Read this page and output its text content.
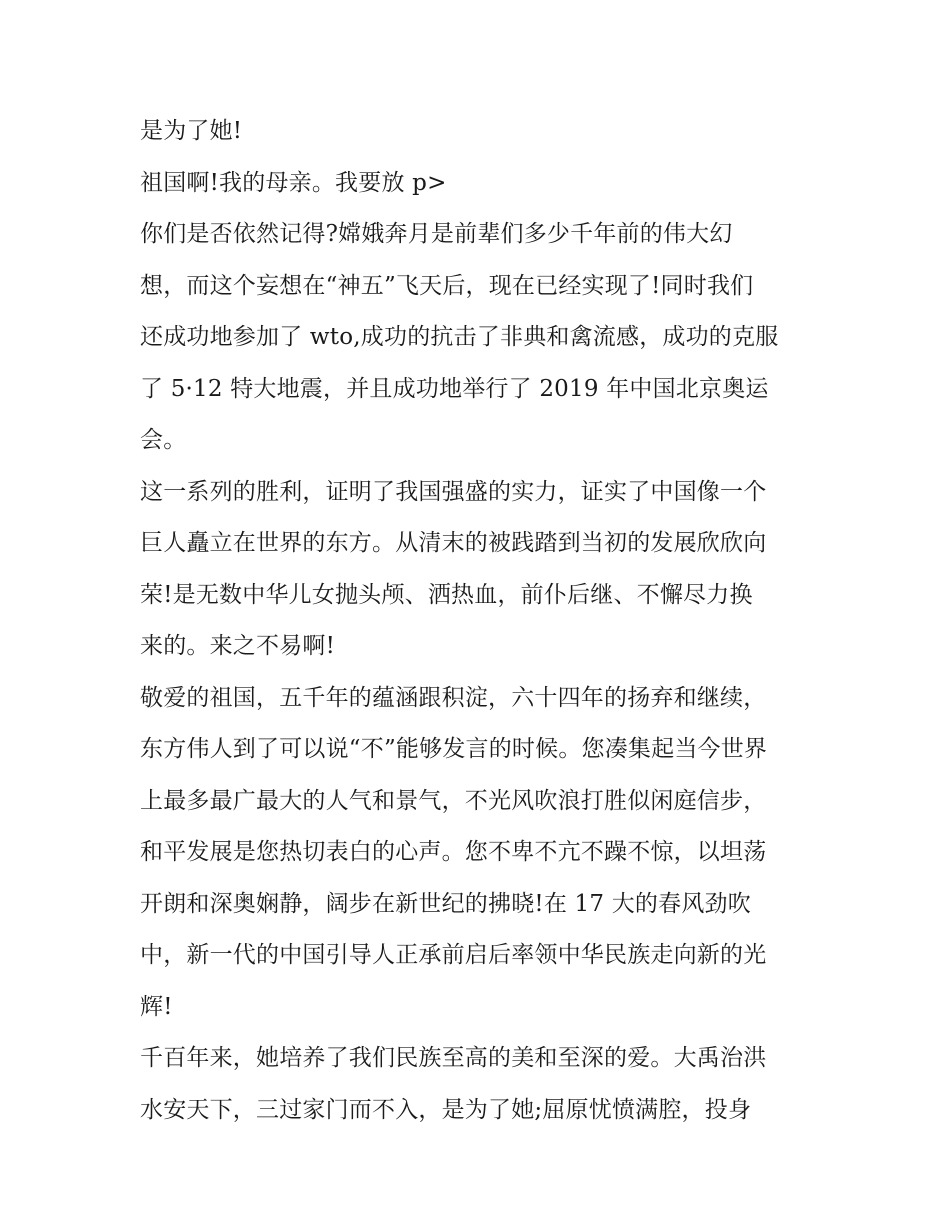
是为了她!
祖国啊!我的母亲。我要放 p>
你们是否依然记得?嫦娥奔月是前辈们多少千年前的伟大幻
想，而这个妄想在“神五”飞天后，现在已经实现了!同时我们
还成功地参加了 wto,成功的抗击了非典和禽流感，成功的克服
了 5·12 特大地震，并且成功地举行了 2019 年中国北京奥运
会。
这一系列的胜利，证明了我国强盛的实力，证实了中国像一个
巨人矗立在世界的东方。从清末的被践踏到当初的发展欣欣向
荣!是无数中华儿女抛头颅、洒热血，前仆后继、不懈尽力换
来的。来之不易啊!
敬爱的祖国，五千年的蕴涵跟积淀，六十四年的扬弃和继续，
东方伟人到了可以说“不”能够发言的时候。您凑集起当今世界
上最多最广最大的人气和景气，不光风吹浪打胜似闲庭信步，
和平发展是您热切表白的心声。您不卑不亢不躁不惊，以坦荡
开朗和深奥娴静，阔步在新世纪的拂晓!在 17 大的春风劲吹
中，新一代的中国引导人正承前启后率领中华民族走向新的光
辉!
千百年来，她培养了我们民族至高的美和至深的爱。大禹治洪
水安天下，三过家门而不入，是为了她;屈原忧愤满腔，投身
